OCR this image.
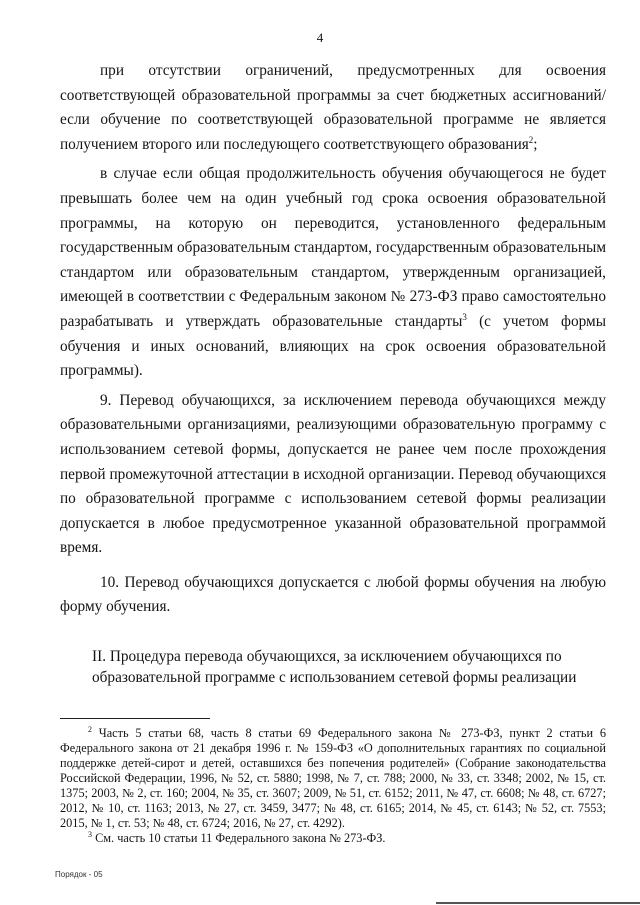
4

при отсутствии ограничений, предусмотренных для освоения соответствующей образовательной программы за счет бюджетных ассигнований/если обучение по соответствующей образовательной программе не является получением второго или последующего соответствующего образования$^2$;

в случае если общая продолжительность обучения обучающегося не будет превышать более чем на один учебный год срока освоения образовательной программы, на которую он переводится, установленного федеральным государственным образовательным стандартом, государственным образовательным стандартом или образовательным стандартом, утвержденным организацией, имеющей в соответствии с Федеральным законом № 273-ФЗ право самостоятельно разрабатывать и утверждать образовательные стандарты$^3$ (с учетом формы обучения и иных оснований, влияющих на срок освоения образовательной программы).

9. Перевод обучающихся, за исключением перевода обучающихся между образовательными организациями, реализующими образовательную программу с использованием сетевой формы, допускается не ранее чем после прохождения первой промежуточной аттестации в исходной организации. Перевод обучающихся по образовательной программе с использованием сетевой формы реализации допускается в любое предусмотренное указанной образовательной программой время.

10. Перевод обучающихся допускается с любой формы обучения на любую форму обучения.

II. Процедура перевода обучающихся, за исключением обучающихся по
образовательной программе с использованием сетевой формы реализации

$^2$ Часть 5 статьи 68, часть 8 статьи 69 Федерального закона № 273-ФЗ, пункт 2 статьи 6 Федерального закона от 21 декабря 1996 г. № 159-ФЗ «О дополнительных гарантиях по социальной поддержке детей-сирот и детей, оставшихся без попечения родителей» (Собрание законодательства Российской Федерации, 1996, № 52, ст. 5880; 1998, № 7, ст. 788; 2000, № 33, ст. 3348; 2002, № 15, ст. 1375; 2003, № 2, ст. 160; 2004, № 35, ст. 3607; 2009, № 51, ст. 6152; 2011, № 47, ст. 6608; № 48, ст. 6727; 2012, № 10, ст. 1163; 2013, № 27, ст. 3459, 3477; № 48, ст. 6165; 2014, № 45, ст. 6143; № 52, ст. 7553; 2015, № 1, ст. 53; № 48, ст. 6724; 2016, № 27, ст. 4292).

$^3$ См. часть 10 статьи 11 Федерального закона № 273-ФЗ.

Порядок - 05
